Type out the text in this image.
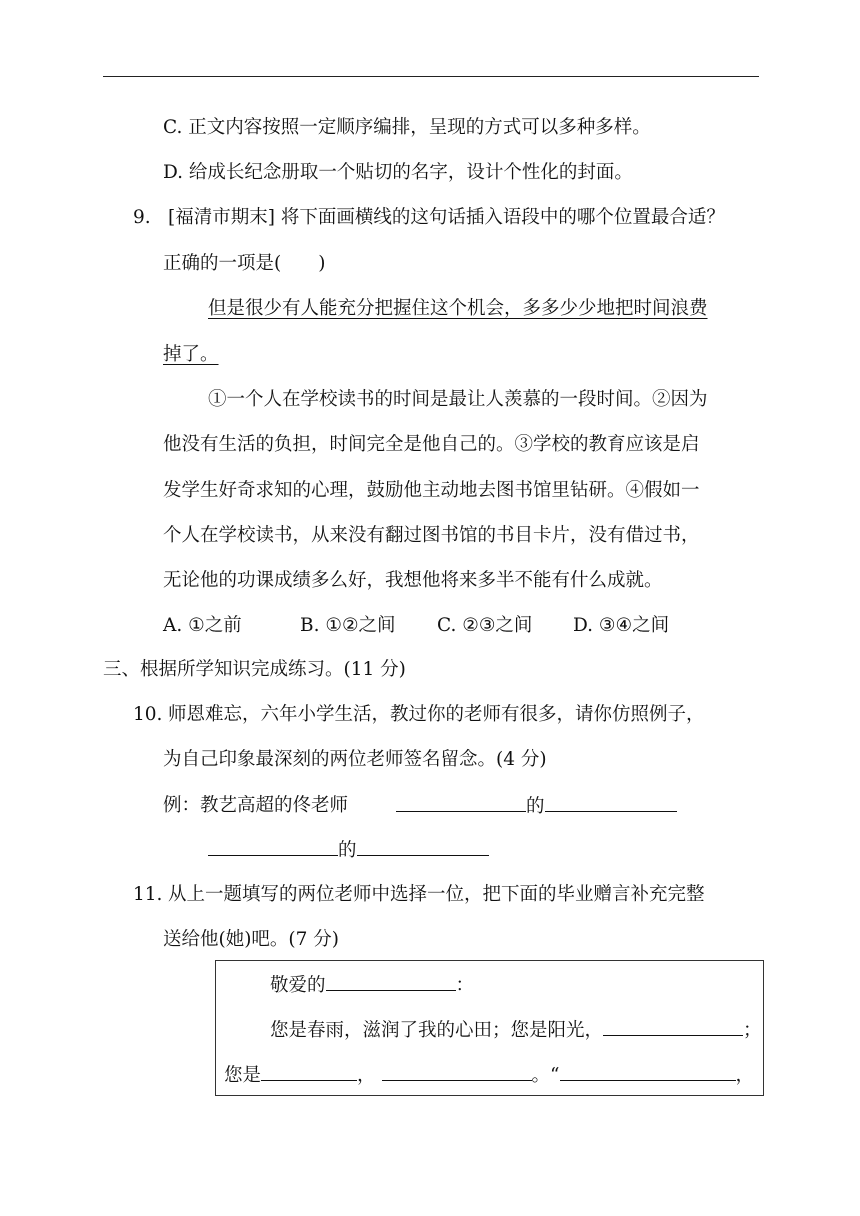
C. 正文内容按照一定顺序编排，呈现的方式可以多种多样。
D. 给成长纪念册取一个贴切的名字，设计个性化的封面。
9. [福清市期末] 将下面画横线的这句话插入语段中的哪个位置最合适？
正确的一项是(　　)
但是很少有人能充分把握住这个机会，多多少少地把时间浪费
掉了。
①一个人在学校读书的时间是最让人羡慕的一段时间。②因为
他没有生活的负担，时间完全是他自己的。③学校的教育应该是启
发学生好奇求知的心理，鼓励他主动地去图书馆里钻研。④假如一
个人在学校读书，从来没有翻过图书馆的书目卡片，没有借过书，
无论他的功课成绩多么好，我想他将来多半不能有什么成就。
A. ①之前	B. ①②之间 C. ②③之间 D. ③④之间
三、根据所学知识完成练习。(11 分)
10. 师恩难忘，六年小学生活，教过你的老师有很多，请你仿照例子，
为自己印象最深刻的两位老师签名留念。(4 分)
例：教艺高超的佟老师	的
的
11. 从上一题填写的两位老师中选择一位，把下面的毕业赠言补充完整
送给他(她)吧。(7 分)
敬爱的	：
您是春雨，滋润了我的心田；您是阳光，	；
您是	，	。“	，
